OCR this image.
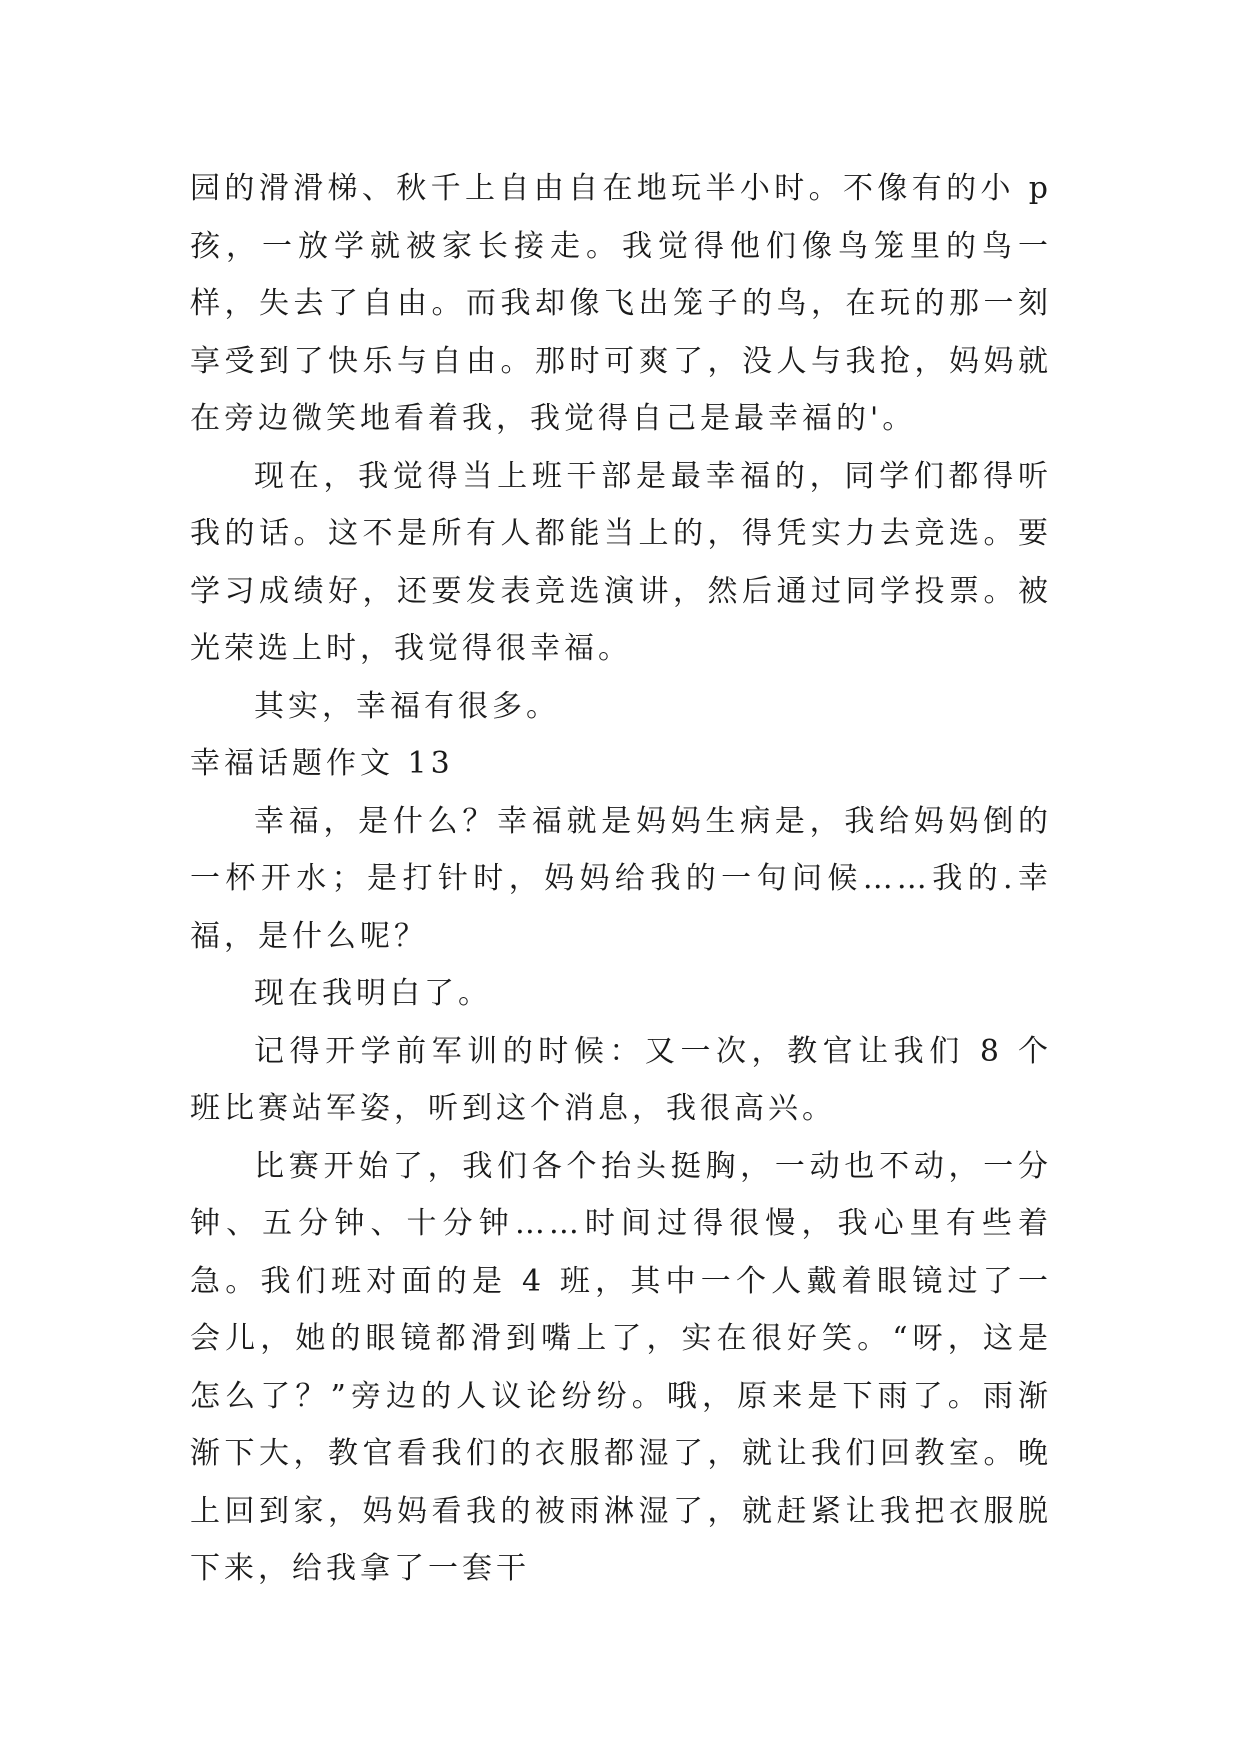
园的滑滑梯、秋千上自由自在地玩半小时。不像有的小 p 孩，一放学就被家长接走。我觉得他们像鸟笼里的鸟一样，失去了自由。而我却像飞出笼子的鸟，在玩的那一刻享受到了快乐与自由。那时可爽了，没人与我抢，妈妈就在旁边微笑地看着我，我觉得自己是最幸福的'。

现在，我觉得当上班干部是最幸福的，同学们都得听我的话。这不是所有人都能当上的，得凭实力去竞选。要学习成绩好，还要发表竞选演讲，然后通过同学投票。被光荣选上时，我觉得很幸福。

其实，幸福有很多。

幸福话题作文 13

幸福，是什么？幸福就是妈妈生病是，我给妈妈倒的一杯开水；是打针时，妈妈给我的一句问候……我的.幸福，是什么呢？

现在我明白了。

记得开学前军训的时候：又一次，教官让我们 8 个班比赛站军姿，听到这个消息，我很高兴。

比赛开始了，我们各个抬头挺胸，一动也不动，一分钟、五分钟、十分钟……时间过得很慢，我心里有些着急。我们班对面的是 4 班，其中一个人戴着眼镜过了一会儿，她的眼镜都滑到嘴上了，实在很好笑。“呀，这是怎么了？”旁边的人议论纷纷。哦，原来是下雨了。雨渐渐下大，教官看我们的衣服都湿了，就让我们回教室。晚上回到家，妈妈看我的被雨淋湿了，就赶紧让我把衣服脱下来，给我拿了一套干
